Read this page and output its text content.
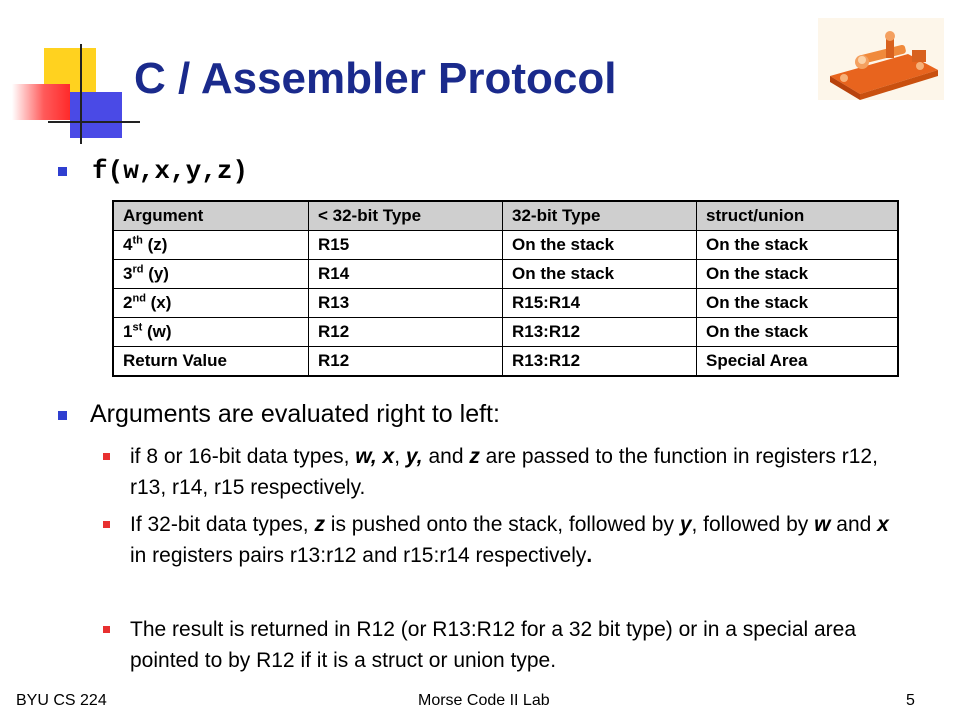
C / Assembler Protocol
f(w,x,y,z)
Argument	< 32-bit Type	32-bit Type	struct/union
4th (z)	R15	On the stack	On the stack
3rd (y)	R14	On the stack	On the stack
2nd (x)	R13	R15:R14	On the stack
1st (w)	R12	R13:R12	On the stack
Return Value	R12	R13:R12	Special Area
Arguments are evaluated right to left:
if 8 or 16-bit data types, w, x, y, and z are passed to the function in registers r12, r13, r14, r15 respectively.
If 32-bit data types, z is pushed onto the stack, followed by y, followed by w and x in registers pairs r13:r12 and r15:r14 respectively.
The result is returned in R12 (or R13:R12 for a 32 bit type) or in a special area pointed to by R12 if it is a struct or union type.
BYU CS 224	Morse Code II Lab	5
